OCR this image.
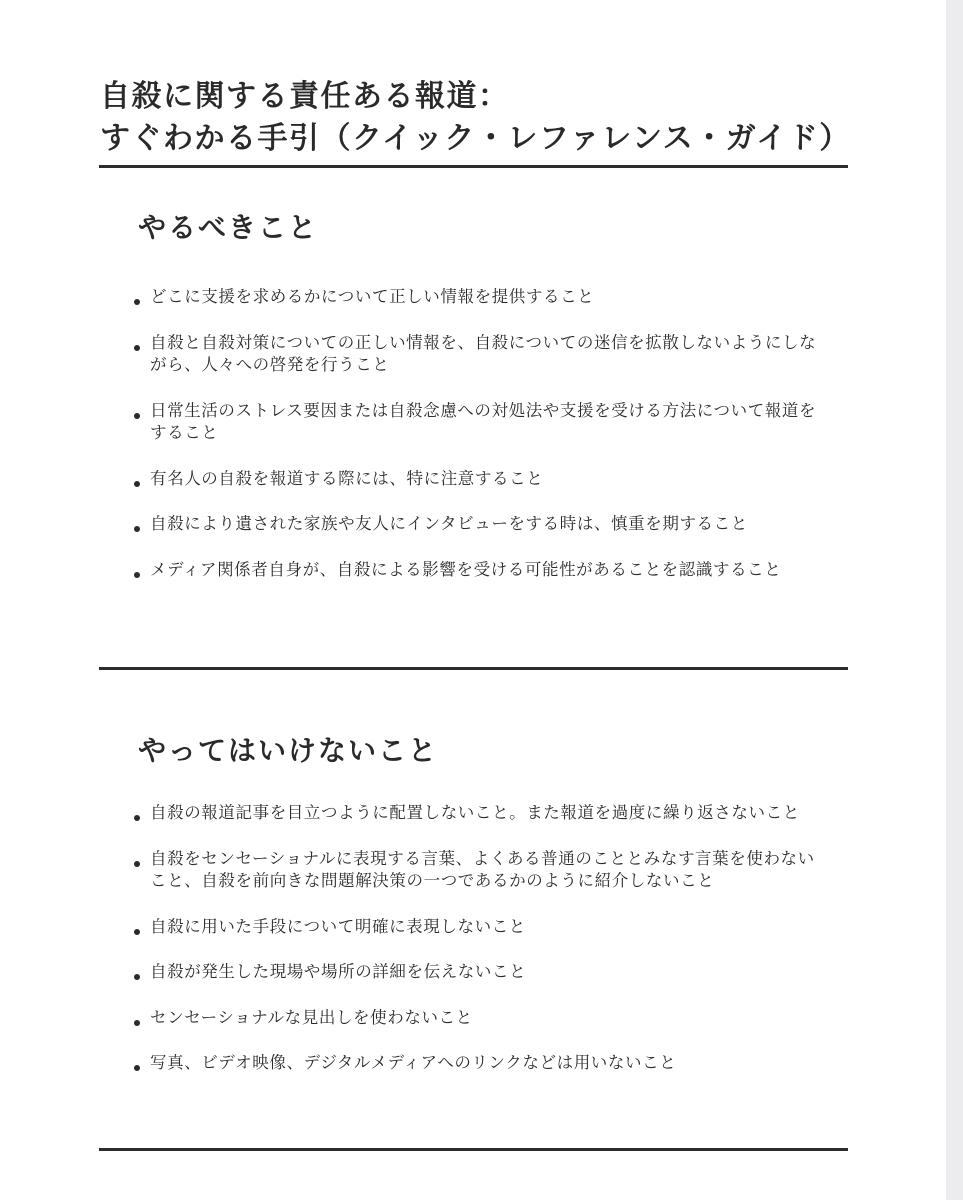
自殺に関する責任ある報道：
すぐわかる手引（クイック・レファレンス・ガイド）
やるべきこと
どこに支援を求めるかについて正しい情報を提供すること
自殺と自殺対策についての正しい情報を、自殺についての迷信を拡散しないようにしながら、人々への啓発を行うこと
日常生活のストレス要因または自殺念慮への対処法や支援を受ける方法について報道をすること
有名人の自殺を報道する際には、特に注意すること
自殺により遺された家族や友人にインタビューをする時は、慎重を期すること
メディア関係者自身が、自殺による影響を受ける可能性があることを認識すること
やってはいけないこと
自殺の報道記事を目立つように配置しないこと。また報道を過度に繰り返さないこと
自殺をセンセーショナルに表現する言葉、よくある普通のこととみなす言葉を使わないこと、自殺を前向きな問題解決策の一つであるかのように紹介しないこと
自殺に用いた手段について明確に表現しないこと
自殺が発生した現場や場所の詳細を伝えないこと
センセーショナルな見出しを使わないこと
写真、ビデオ映像、デジタルメディアへのリンクなどは用いないこと
